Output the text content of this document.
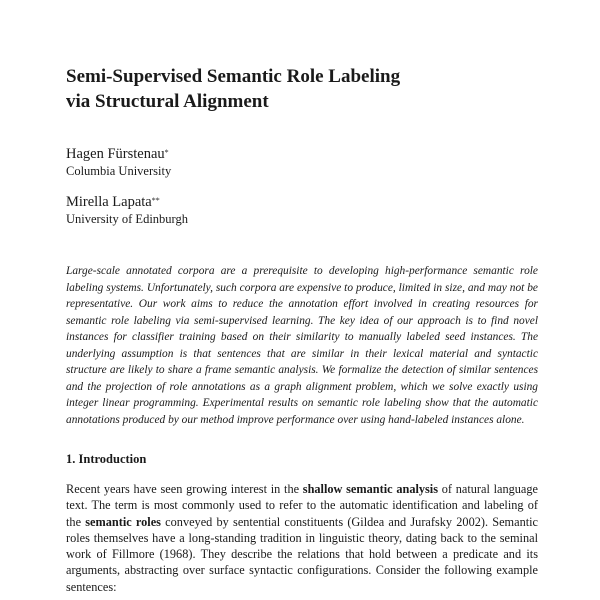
Semi-Supervised Semantic Role Labeling
via Structural Alignment
Hagen Fürstenau*
Columbia University
Mirella Lapata**
University of Edinburgh

Large-scale annotated corpora are a prerequisite to developing high-performance semantic role labeling systems. Unfortunately, such corpora are expensive to produce, limited in size, and may not be representative. Our work aims to reduce the annotation effort involved in creating resources for semantic role labeling via semi-supervised learning. The key idea of our approach is to find novel instances for classifier training based on their similarity to manually labeled seed instances. The underlying assumption is that sentences that are similar in their lexical material and syntactic structure are likely to share a frame semantic analysis. We formalize the detection of similar sentences and the projection of role annotations as a graph alignment problem, which we solve exactly using integer linear programming. Experimental results on semantic role labeling show that the automatic annotations produced by our method improve performance over using hand-labeled instances alone.

1. Introduction

Recent years have seen growing interest in the shallow semantic analysis of natural language text. The term is most commonly used to refer to the automatic identification and labeling of the semantic roles conveyed by sentential constituents (Gildea and Jurafsky 2002). Semantic roles themselves have a long-standing tradition in linguistic theory, dating back to the seminal work of Fillmore (1968). They describe the relations that hold between a predicate and its arguments, abstracting over surface syntactic configurations. Consider the following example sentences:
